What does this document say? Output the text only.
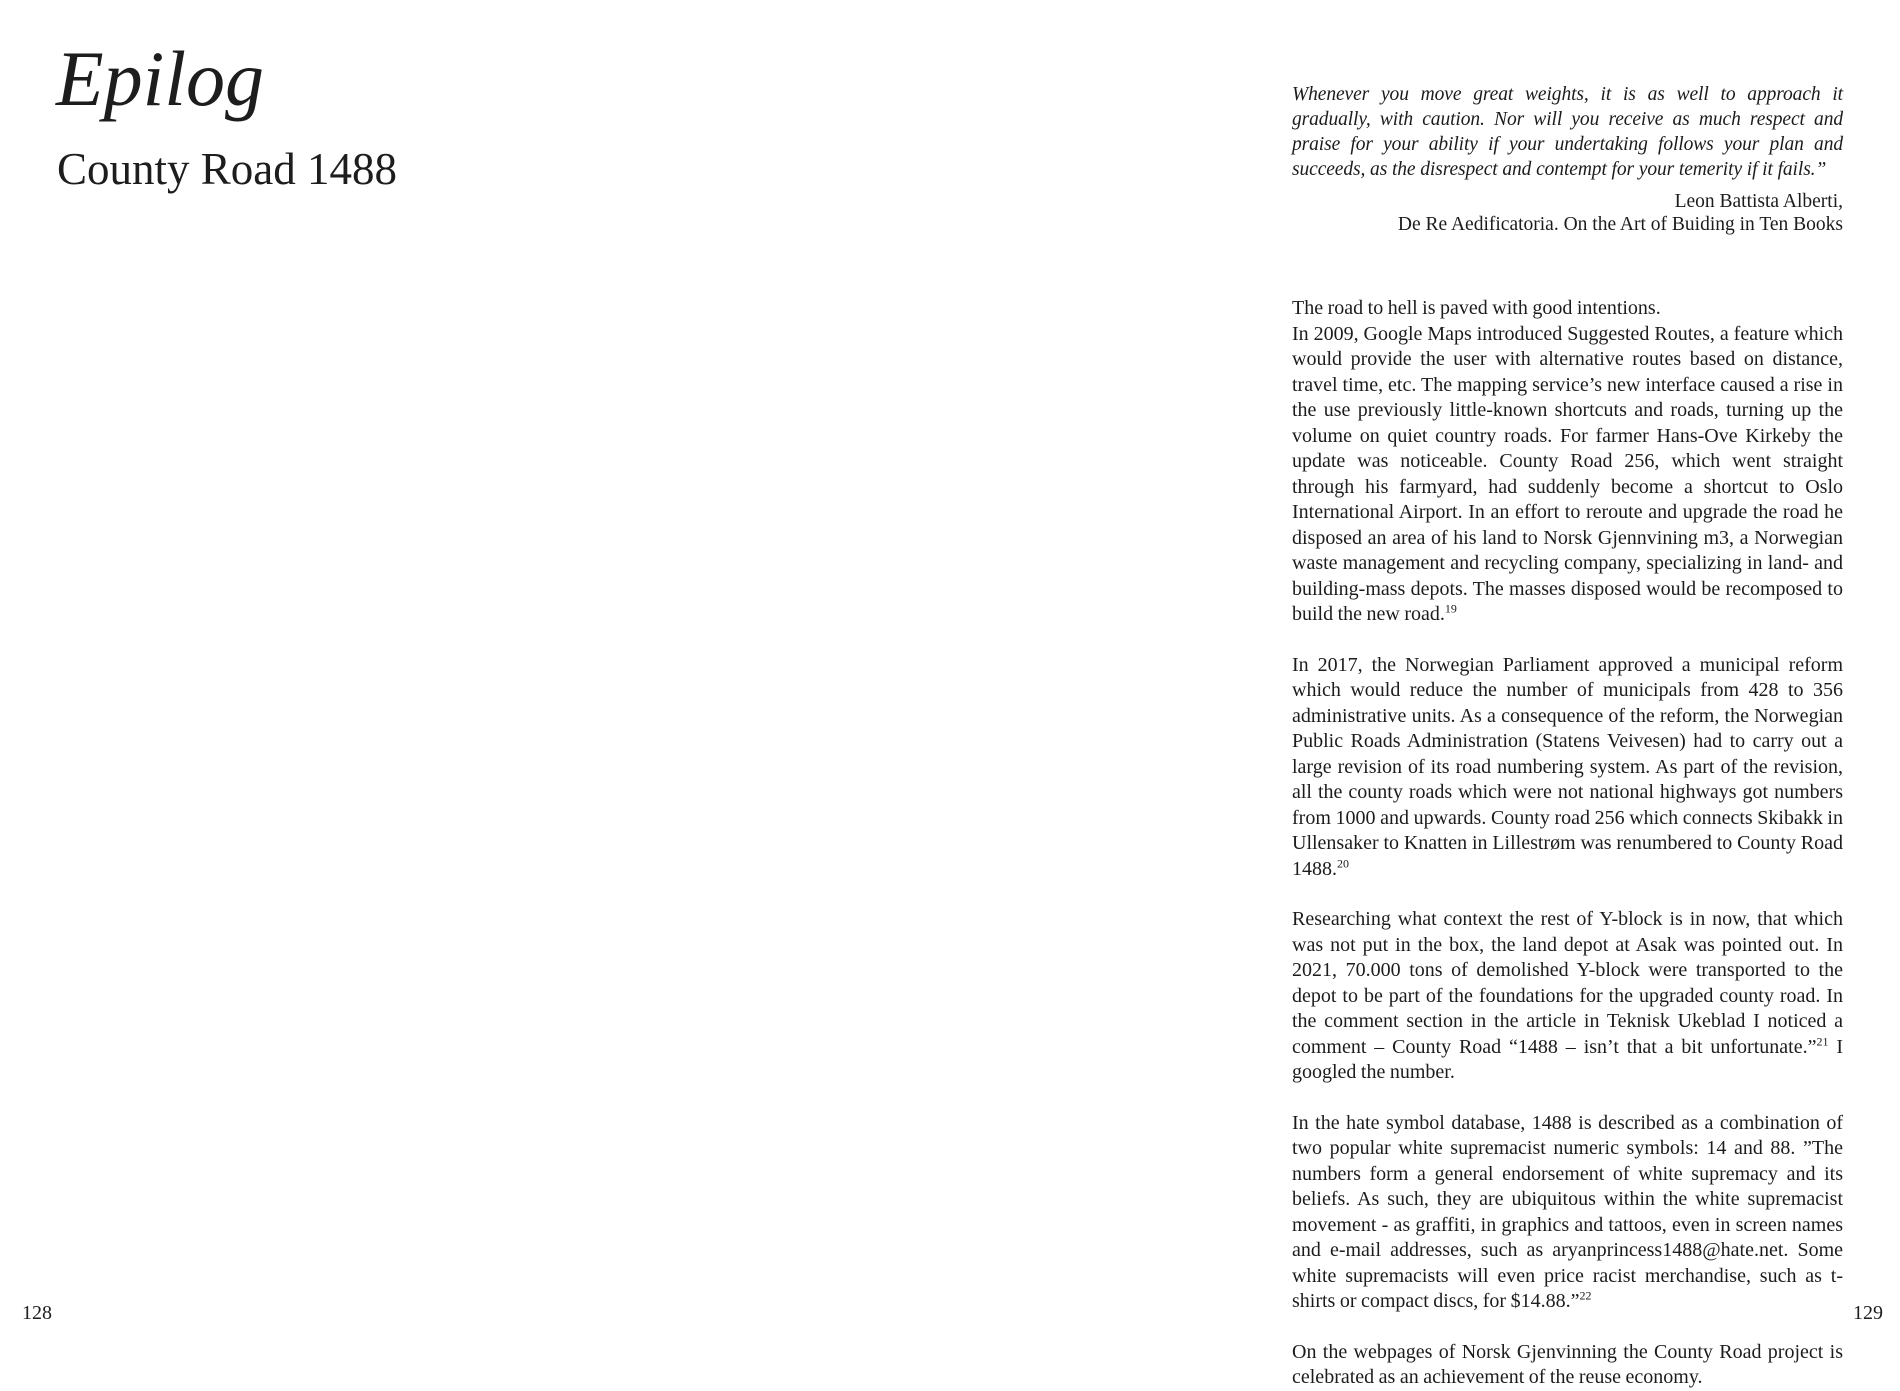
Epilog
County Road 1488
128
Whenever you move great weights, it is as well to approach it gradually, with caution. Nor will you receive as much respect and praise for your ability if your undertaking follows your plan and succeeds, as the disrespect and contempt for your temerity if it fails.”
Leon Battista Alberti,
De Re Aedificatoria. On the Art of Buiding in Ten Books

The road to hell is paved with good intentions.
In 2009, Google Maps introduced Suggested Routes, a feature which would provide the user with alternative routes based on distance, travel time, etc. The mapping service’s new interface caused a rise in the use previously little-known shortcuts and roads, turning up the volume on quiet country roads. For farmer Hans-Ove Kirkeby the update was noticeable. County Road 256, which went straight through his farmyard, had suddenly become a shortcut to Oslo International Airport. In an effort to reroute and upgrade the road he disposed an area of his land to Norsk Gjennvining m3, a Norwegian waste management and recycling company, specializing in land- and building-mass depots. The masses disposed would be recomposed to build the new road.$^{19}$

In 2017, the Norwegian Parliament approved a municipal reform which would reduce the number of municipals from 428 to 356 administrative units. As a consequence of the reform, the Norwegian Public Roads Administration (Statens Veivesen) had to carry out a large revision of its road numbering system. As part of the revision, all the county roads which were not national highways got numbers from 1000 and upwards. County road 256 which connects Skibakk in Ullensaker to Knatten in Lillestrøm was renumbered to County Road 1488.20

Researching what context the rest of Y-block is in now, that which was not put in the box, the land depot at Asak was pointed out. In 2021, 70.000 tons of demolished Y-block were transported to the depot to be part of the foundations for the upgraded county road. In the comment section in the article in Teknisk Ukeblad I noticed a comment – County Road “1488 – isn’t that a bit unfortunate.”$^{21}$ I googled the number.

In the hate symbol database, 1488 is described as a combination of two popular white supremacist numeric symbols: 14 and 88. ”The numbers form a general endorsement of white supremacy and its beliefs. As such, they are ubiquitous within the white supremacist movement - as graffiti, in graphics and tattoos, even in screen names and e-mail addresses, such as aryanprincess1488@hate.net. Some white supremacists will even price racist merchandise, such as t-shirts or compact discs, for $14.88.”$^{22}$

On the webpages of Norsk Gjenvinning the County Road project is celebrated as an achievement of the reuse economy.

129
